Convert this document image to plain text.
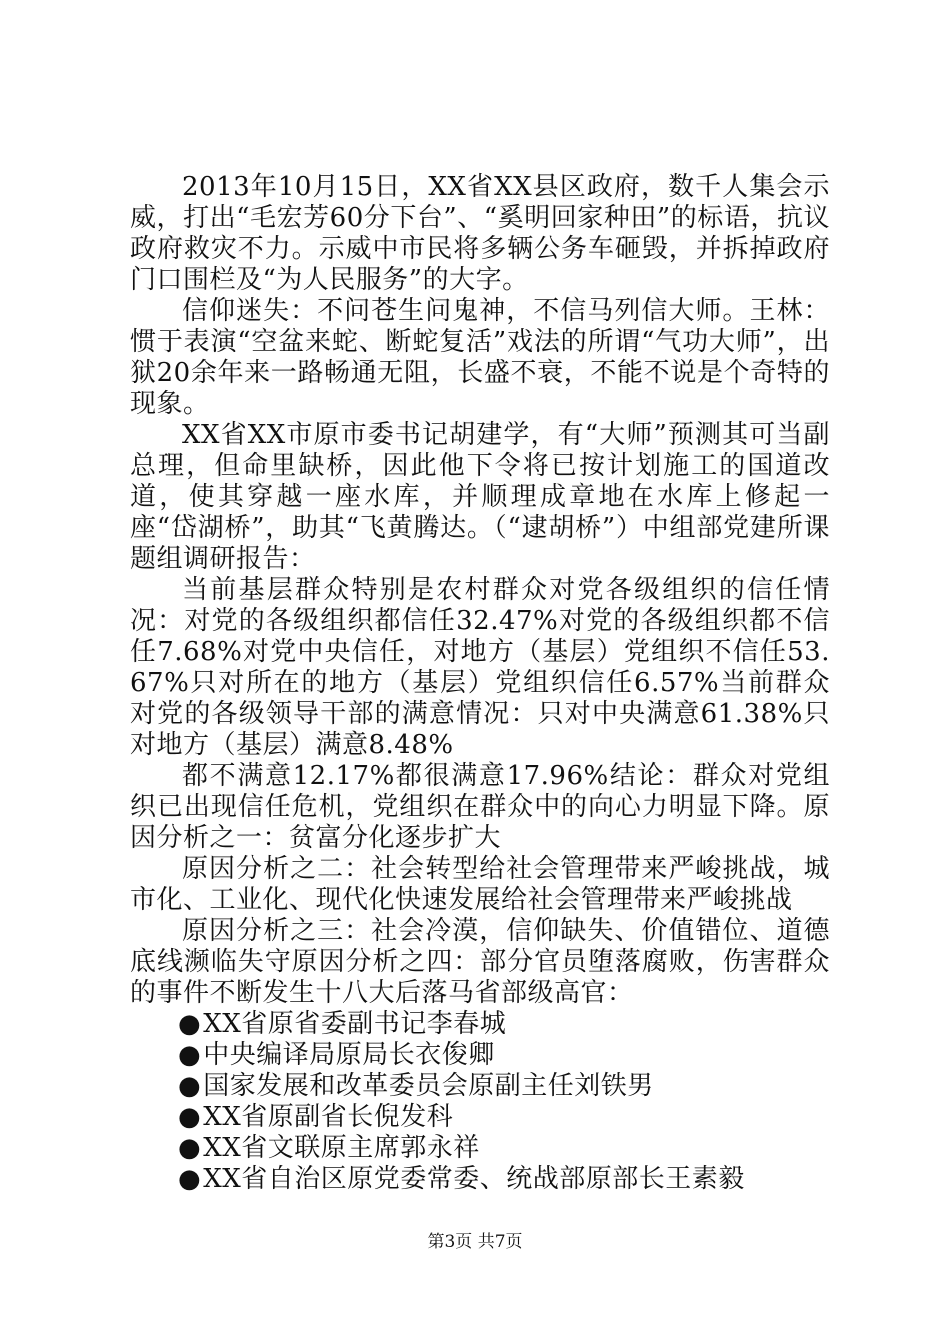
2013年10月15日，XX省XX县区政府，数千人集会示威，打出“毛宏芳60分下台”、“奚明回家种田”的标语，抗议政府救灾不力。示威中市民将多辆公务车砸毁，并拆掉政府门口围栏及“为人民服务”的大字。

信仰迷失：不问苍生问鬼神，不信马列信大师。王林：惯于表演“空盆来蛇、断蛇复活”戏法的所谓“气功大师”，出狱20余年来一路畅通无阻，长盛不衰，不能不说是个奇特的现象。

XX省XX市原市委书记胡建学，有“大师”预测其可当副总理，但命里缺桥，因此他下令将已按计划施工的国道改道，使其穿越一座水库，并顺理成章地在水库上修起一座“岱湖桥”，助其“飞黄腾达。（“逮胡桥”）中组部党建所课题组调研报告：

当前基层群众特别是农村群众对党各级组织的信任情况：对党的各级组织都信任32.47%对党的各级组织都不信任7.68%对党中央信任，对地方（基层）党组织不信任53.67%只对所在的地方（基层）党组织信任6.57%当前群众对党的各级领导干部的满意情况：只对中央满意61.38%只对地方（基层）满意8.48%

都不满意12.17%都很满意17.96%结论：群众对党组织已出现信任危机，党组织在群众中的向心力明显下降。原因分析之一：贫富分化逐步扩大

原因分析之二：社会转型给社会管理带来严峻挑战，城市化、工业化、现代化快速发展给社会管理带来严峻挑战

原因分析之三：社会冷漠，信仰缺失、价值错位、道德底线濒临失守原因分析之四：部分官员堕落腐败，伤害群众的事件不断发生十八大后落马省部级高官：

●XX省原省委副书记李春城
●中央编译局原局长衣俊卿
●国家发展和改革委员会原副主任刘铁男
●XX省原副省长倪发科
●XX省文联原主席郭永祥
●XX省自治区原党委常委、统战部原部长王素毅
第3页 共7页
